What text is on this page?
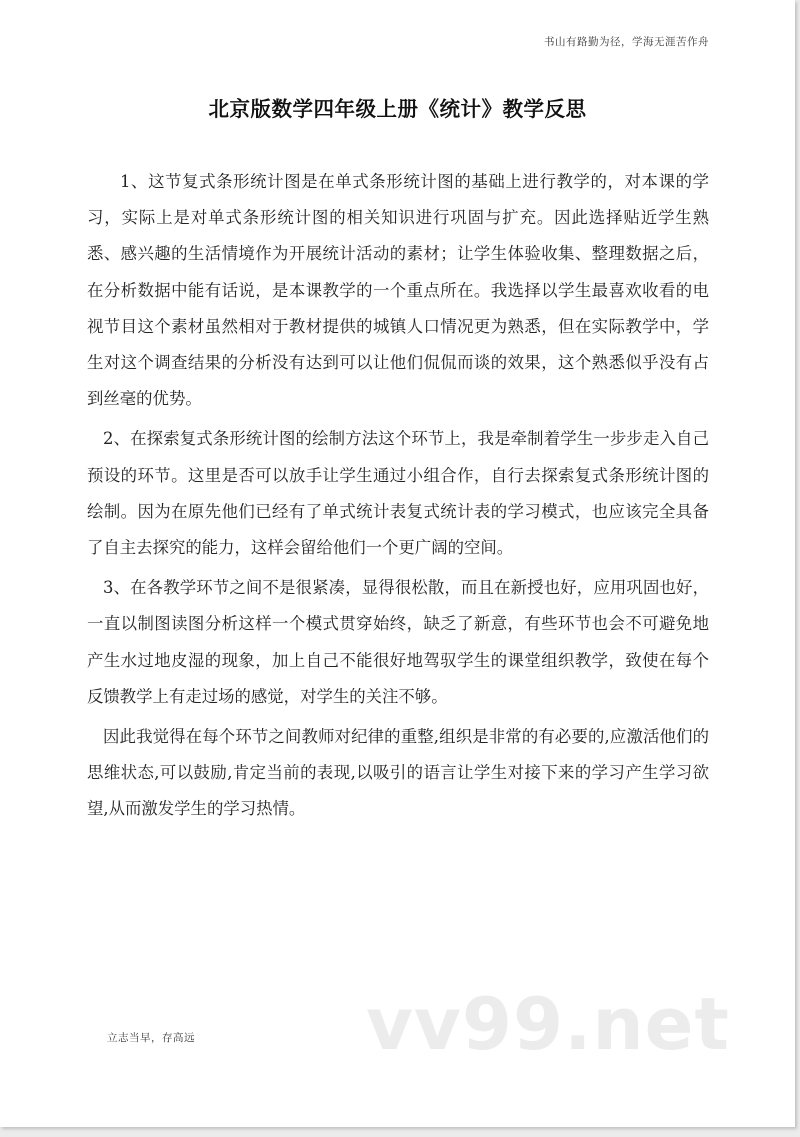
书山有路勤为径，学海无涯苦作舟
北京版数学四年级上册《统计》教学反思

1、这节复式条形统计图是在单式条形统计图的基础上进行教学的，对本课的学习，实际上是对单式条形统计图的相关知识进行巩固与扩充。因此选择贴近学生熟悉、感兴趣的生活情境作为开展统计活动的素材；让学生体验收集、整理数据之后，在分析数据中能有话说，是本课教学的一个重点所在。我选择以学生最喜欢收看的电视节目这个素材虽然相对于教材提供的城镇人口情况更为熟悉，但在实际教学中，学生对这个调查结果的分析没有达到可以让他们侃侃而谈的效果，这个熟悉似乎没有占到丝毫的优势。

2、在探索复式条形统计图的绘制方法这个环节上，我是牵制着学生一步步走入自己预设的环节。这里是否可以放手让学生通过小组合作，自行去探索复式条形统计图的绘制。因为在原先他们已经有了单式统计表复式统计表的学习模式，也应该完全具备了自主去探究的能力，这样会留给他们一个更广阔的空间。

3、在各教学环节之间不是很紧凑，显得很松散，而且在新授也好，应用巩固也好，一直以制图读图分析这样一个模式贯穿始终，缺乏了新意，有些环节也会不可避免地产生水过地皮湿的现象，加上自己不能很好地驾驭学生的课堂组织教学，致使在每个反馈教学上有走过场的感觉，对学生的关注不够。

因此我觉得在每个环节之间教师对纪律的重整,组织是非常的有必要的,应激活他们的思维状态,可以鼓励,肯定当前的表现,以吸引的语言让学生对接下来的学习产生学习欲望,从而激发学生的学习热情。

立志当早，存高远 vv99.net
